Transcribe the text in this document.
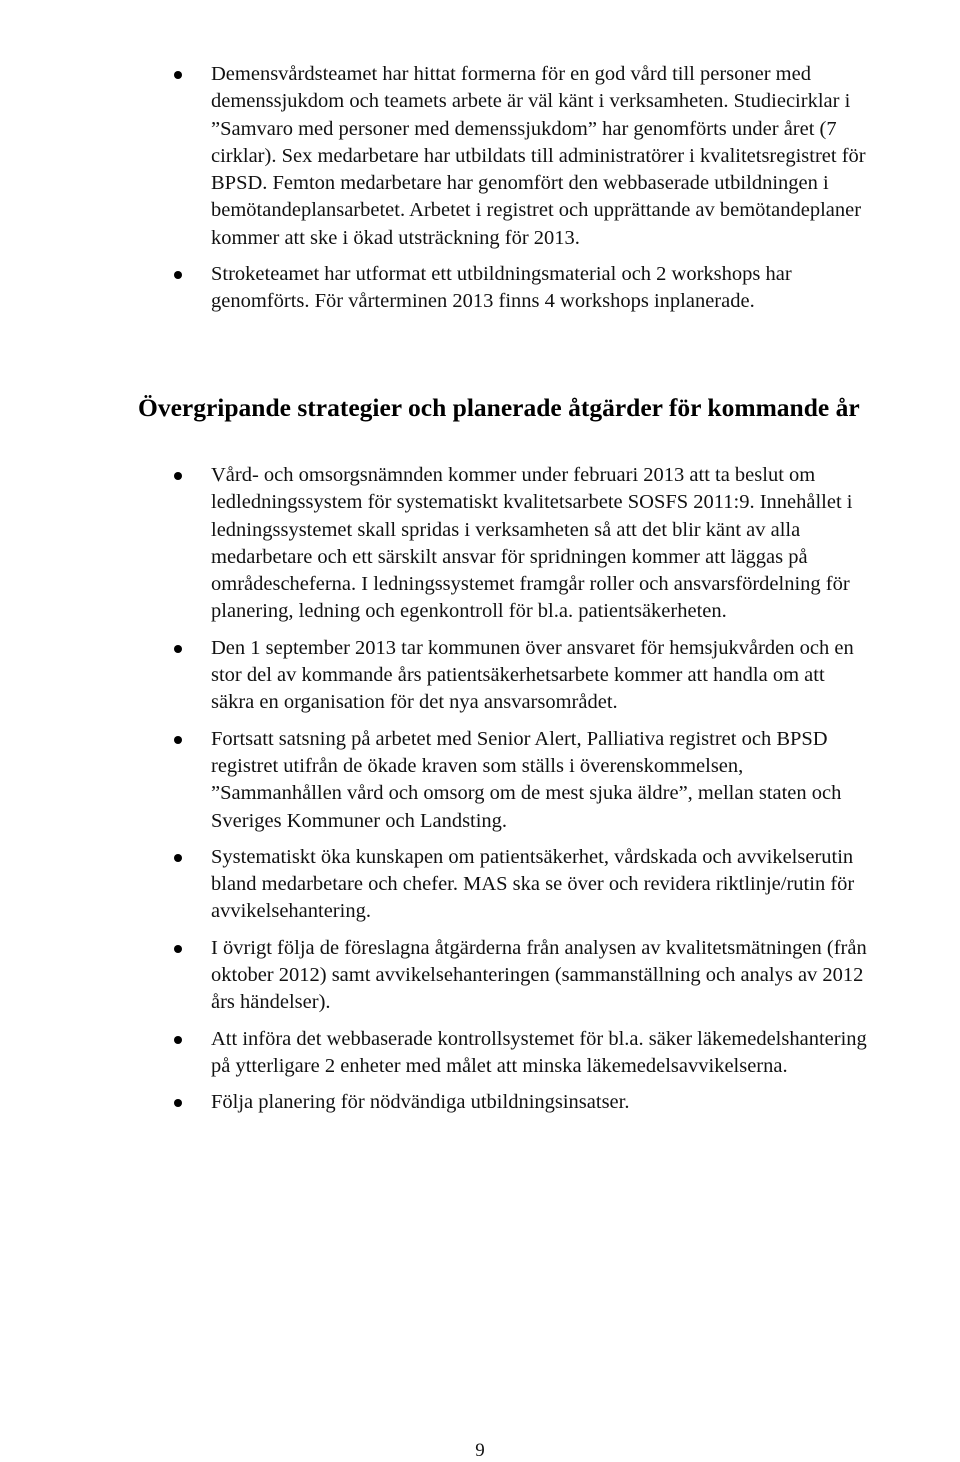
Demensvårdsteamet har hittat formerna för en god vård till personer med demenssjukdom och teamets arbete är väl känt i verksamheten. Studiecirklar i ”Samvaro med personer med demenssjukdom” har genomförts under året (7 cirklar). Sex medarbetare har utbildats till administratörer i kvalitetsregistret för BPSD. Femton medarbetare har genomfört den webbaserade utbildningen i bemötandeplansarbetet. Arbetet i registret och upprättande av bemötandeplaner kommer att ske i ökad utsträckning för 2013.
Stroketeamet har utformat ett utbildningsmaterial och 2 workshops har genomförts. För vårterminen 2013 finns 4 workshops inplanerade.
Övergripande strategier och planerade åtgärder för kommande år
Vård- och omsorgsnämnden kommer under februari 2013 att ta beslut om ledledningssystem för systematiskt kvalitetsarbete SOSFS 2011:9. Innehållet i ledningssystemet skall spridas i verksamheten så att det blir känt av alla medarbetare och ett särskilt ansvar för spridningen kommer att läggas på områdescheferna. I ledningssystemet framgår roller och ansvarsfördelning för planering, ledning och egenkontroll för bl.a. patientsäkerheten.
Den 1 september 2013 tar kommunen över ansvaret för hemsjukvården och en stor del av kommande års patientsäkerhetsarbete kommer att handla om att säkra en organisation för det nya ansvarsområdet.
Fortsatt satsning på arbetet med Senior Alert, Palliativa registret och BPSD registret utifrån de ökade kraven som ställs i överenskommelsen, ”Sammanhållen vård och omsorg om de mest sjuka äldre”, mellan staten och Sveriges Kommuner och Landsting.
Systematiskt öka kunskapen om patientsäkerhet, vårdskada och avvikelserutin bland medarbetare och chefer. MAS ska se över och revidera riktlinje/rutin för avvikelsehantering.
I övrigt följa de föreslagna åtgärderna från analysen av kvalitetsmätningen (från oktober 2012) samt avvikelsehanteringen (sammanställning och analys av 2012 års händelser).
Att införa det webbaserade kontrollsystemet för bl.a. säker läkemedelshantering på ytterligare 2 enheter med målet att minska läkemedelsavvikelserna.
Följa planering för nödvändiga utbildningsinsatser.
9
